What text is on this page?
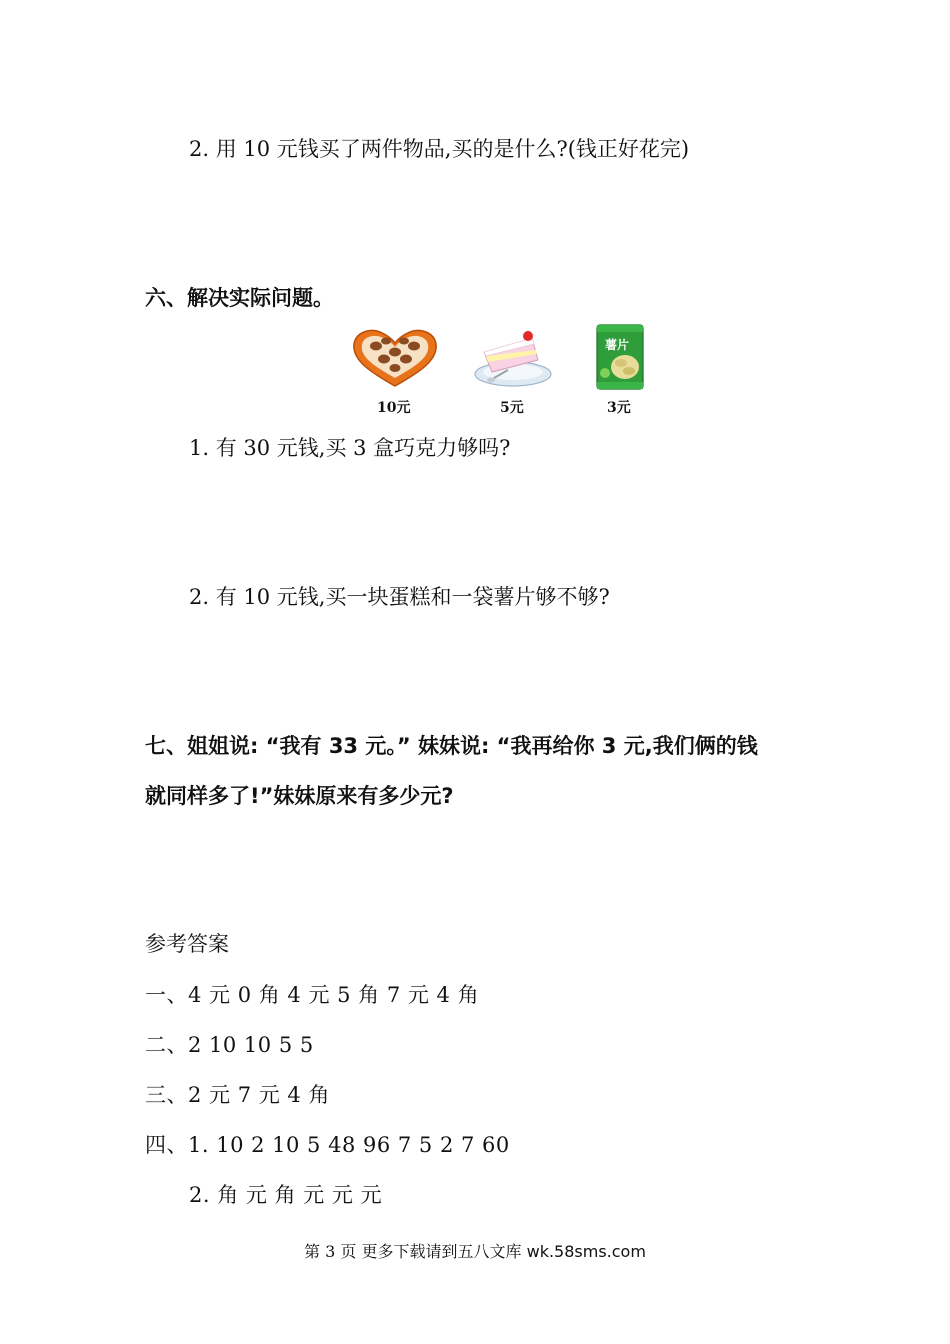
2. 用 10 元钱买了两件物品,买的是什么?(钱正好花完)
六、解决实际问题。
10元	5元
薯片
3元
1. 有 30 元钱,买 3 盒巧克力够吗?
2. 有 10 元钱,买一块蛋糕和一袋薯片够不够?
七、姐姐说: “我有 33 元。” 妹妹说: “我再给你 3 元,我们俩的钱
就同样多了!”妹妹原来有多少元?
参考答案
一、4 元 0 角 4 元 5 角 7 元 4 角
二、2 10 10 5 5
三、2 元 7 元 4 角
四、1. 10 2 10 5 48 96 7 5 2 7 60
2. 角 元 角 元 元 元
第 3 页 更多下载请到五八文库 wk.58sms.com
